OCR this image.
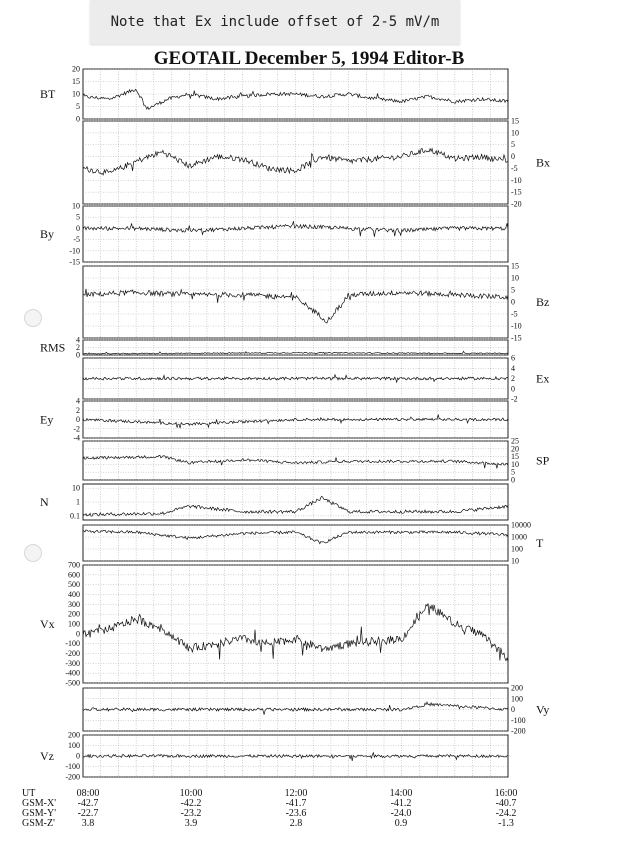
Note that Ex include offset of 2-5 mV/m
GEOTAIL December 5, 1994 Editor-B
20
15
10
5
0
BT
15
10
5
0
-5
-10
-15
-20
Bx
10
5
0
-5
-10
-15
By
15
10
5
0
-5
-10
-15
Bz
4
2
0
RMS
6
4
2
0
-2
Ex
4
2
0
-2
-4
Ey
25
20
15
10
5
0
SP
10
1
0.1
N
10000
1000
100
10
T
700
600
500
400
300
200
100
0
-100
-200
-300
-400
-500
Vx
200
100
0
-100
-200
Vy
200
100
0
-100
-200
Vz
UT
GSM-X'
GSM-Y'
GSM-Z'
08:00
-42.7
-22.7
3.8
10:00
-42.2
-23.2
3.9
12:00
-41.7
-23.6
2.8
14:00
-41.2
-24.0
0.9
16:00
-40.7
-24.2
-1.3
